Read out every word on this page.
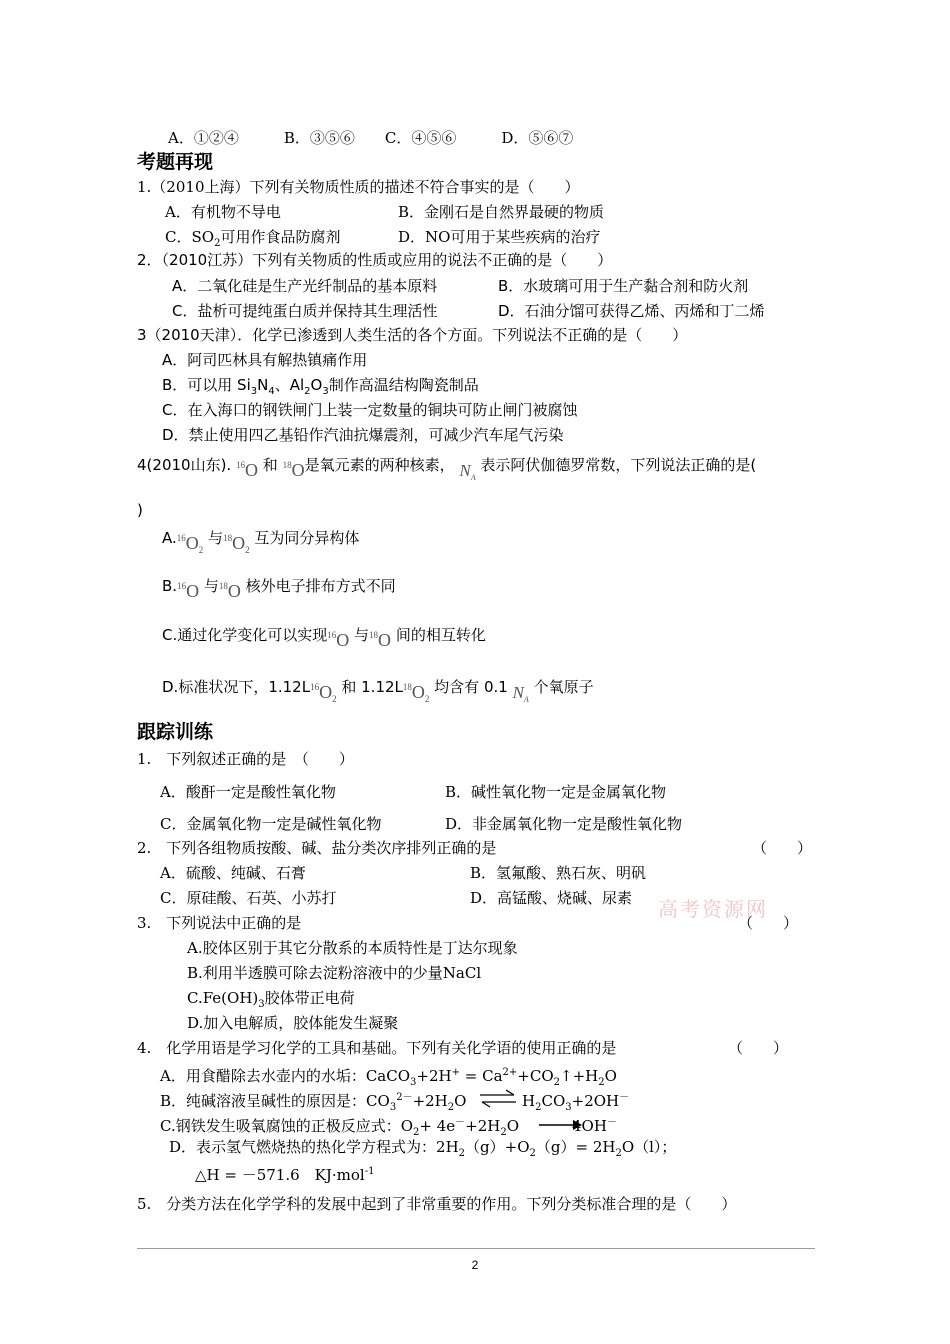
A．①②④　　　B．③⑤⑥　　C．④⑤⑥　　　D．⑤⑥⑦
考题再现
1.（2010上海）下列有关物质性质的描述不符合事实的是（　　）
A．有机物不导电	B．金刚石是自然界最硬的物质
C．$SO_2$可用作食品防腐剂	D．NO可用于某些疾病的治疗
2．（2010江苏）下列有关物质的性质或应用的说法不正确的是（　　）
A．二氧化硅是生产光纤制品的基本原料	B．水玻璃可用于生产黏合剂和防火剂
C．盐析可提纯蛋白质并保持其生理活性	D．石油分馏可获得乙烯、丙烯和丁二烯
3（2010天津）．化学已渗透到人类生活的各个方面。下列说法不正确的是（　　）
A．阿司匹林具有解热镇痛作用
B．可以用 $Si_3N_4$、$Al_2O_3$制作高温结构陶瓷制品
C．在入海口的钢铁闸门上装一定数量的铜块可防止闸门被腐蚀
D．禁止使用四乙基铅作汽油抗爆震剂，可减少汽车尾气污染
4(2010山东). 16O 和 18O是氧元素的两种核素， $N_A$ 表示阿伏伽德罗常数，下列说法正确的是(
)
$A.16O_2$ 与$18O_2$ 互为同分异构体
B.16O 与18O 核外电子排布方式不同
C.通过化学变化可以实现16O 与18O 间的相互转化
D.标准状况下，$1.12L16O_2$ 和 $1.12L18O_2$ 均含有 0.1 $N_A$ 个氧原子
跟踪训练
1.　下列叙述正确的是　（　　）
A．酸酐一定是酸性氧化物	B．碱性氧化物一定是金属氧化物
C．金属氧化物一定是碱性氧化物	D．非金属氧化物一定是酸性氧化物
2.　下列各组物质按酸、碱、盐分类次序排列正确的是	（　　）
A．硫酸、纯碱、石膏	B．氢氟酸、熟石灰、明矾
C．原硅酸、石英、小苏打	D．高锰酸、烧碱、尿素 高考资源网
3.　下列说法中正确的是	（　　）
A.胶体区别于其它分散系的本质特性是丁达尔现象
B.利用半透膜可除去淀粉溶液中的少量NaCl
$C.Fe(OH)_3$胶体带正电荷
D.加入电解质，胶体能发生凝聚
4.　化学用语是学习化学的工具和基础。下列有关化学语的使用正确的是	（　　）
A．用食醋除去水壶内的水垢：CaCO$_3$+2H+ = $Ca^{2+}+CO_2↑+H_2O$
B．纯碱溶液呈碱性的原因是：$CO_3^{2-}+2H_2O$ ⇌ $H_2CO_3+2OH^-$
C.钢铁发生吸氧腐蚀的正极反应式：$O_2+ 4e^-+2H_2O$ →
4OH－
D．表示氢气燃烧热的热化学方程式为：$2H_2(g)+O_2(g)= 2H_2O(l)$；
△H = －571.6　KJ·mol$^{-1}$
5.　分类方法在化学学科的发展中起到了非常重要的作用。下列分类标准合理的是（　　）
2
